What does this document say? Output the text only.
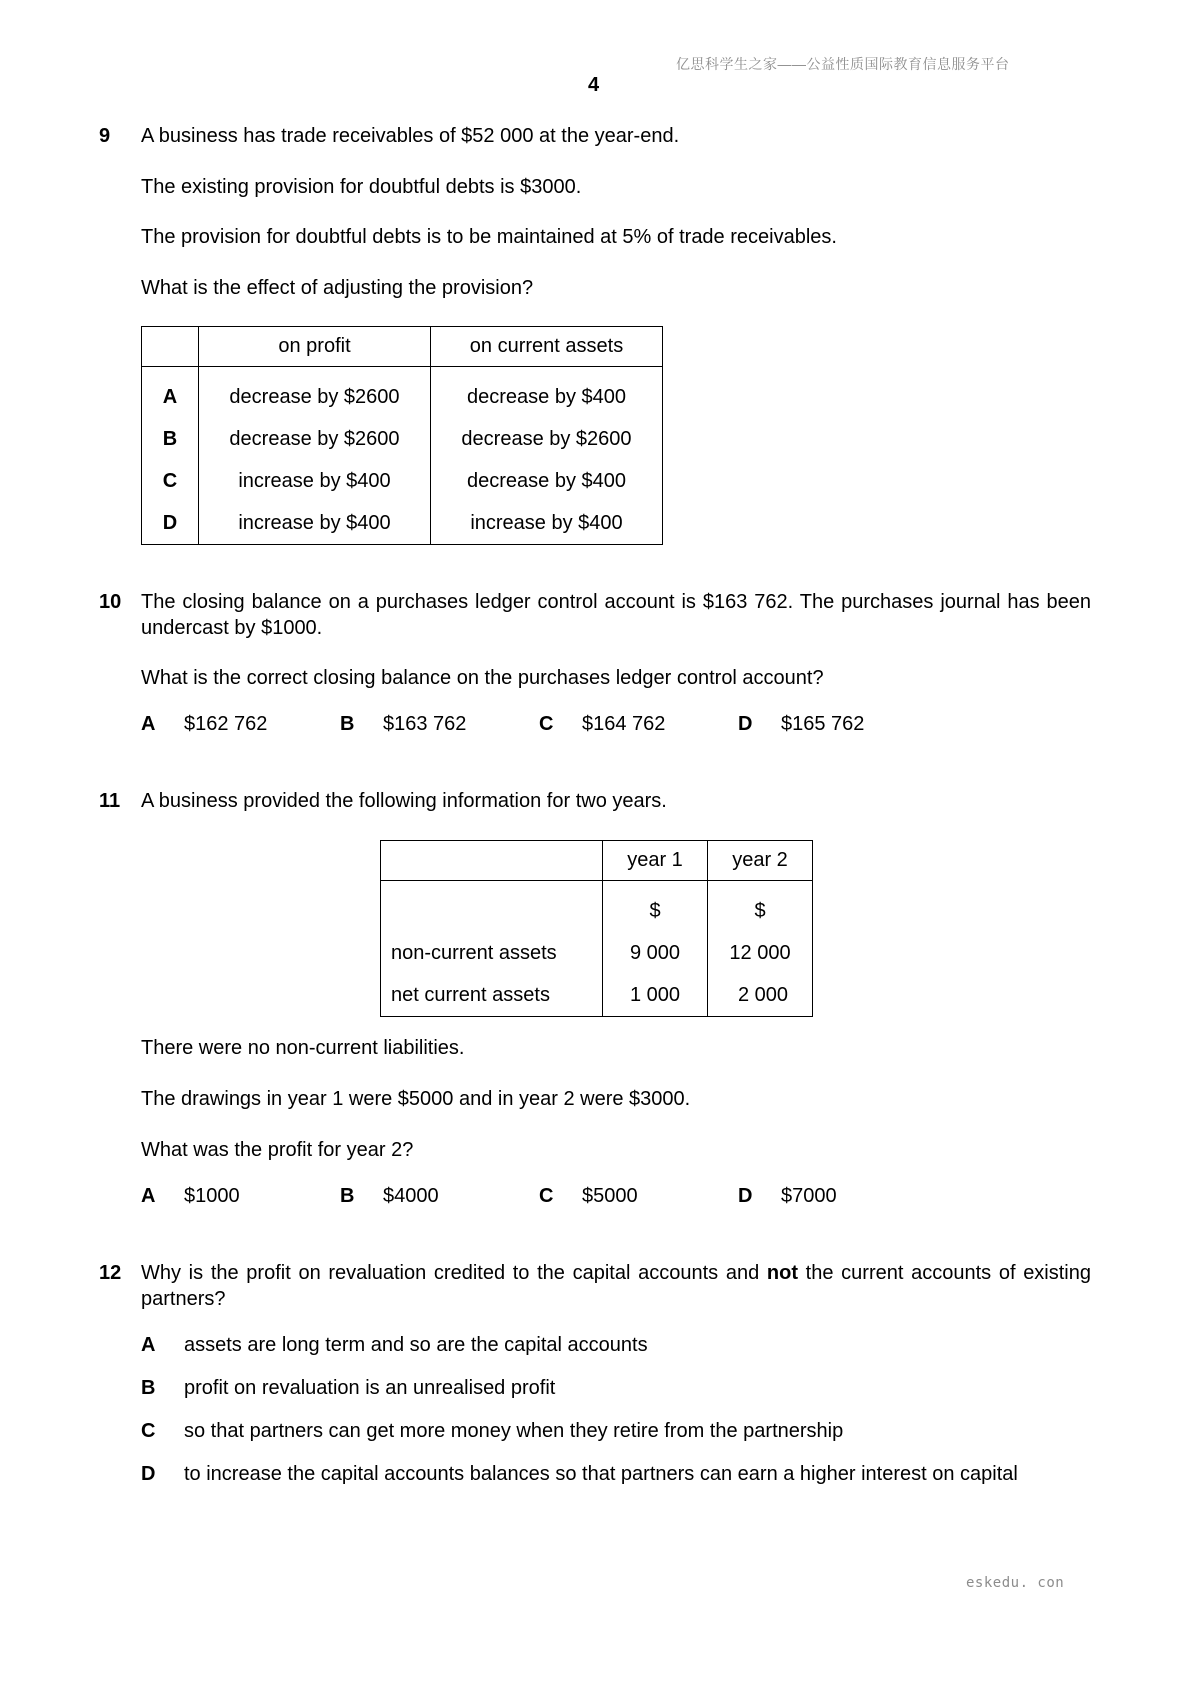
亿思科学生之家——公益性质国际教育信息服务平台
4
9 A business has trade receivables of $52 000 at the year-end.
The existing provision for doubtful debts is $3000.
The provision for doubtful debts is to be maintained at 5% of trade receivables.
What is the effect of adjusting the provision?
	on profit	on current assets
A	decrease by $2600	decrease by $400
B	decrease by $2600	decrease by $2600
C	increase by $400	decrease by $400
D	increase by $400	increase by $400
10 The closing balance on a purchases ledger control account is $163 762. The purchases journal has been undercast by $1000.
What is the correct closing balance on the purchases ledger control account?
A $162 762	B $163 762	C $164 762	D $165 762
11 A business provided the following information for two years.
	year 1	year 2
	$	$
non-current assets	9 000	12 000
net current assets	1 000	2 000
There were no non-current liabilities.
The drawings in year 1 were $5000 and in year 2 were $3000.
What was the profit for year 2?
A $1000	B $4000	C $5000	D $7000
12 Why is the profit on revaluation credited to the capital accounts and not the current accounts of existing partners?
A assets are long term and so are the capital accounts
B profit on revaluation is an unrealised profit
C so that partners can get more money when they retire from the partnership
D to increase the capital accounts balances so that partners can earn a higher interest on capital
eskedu. con
